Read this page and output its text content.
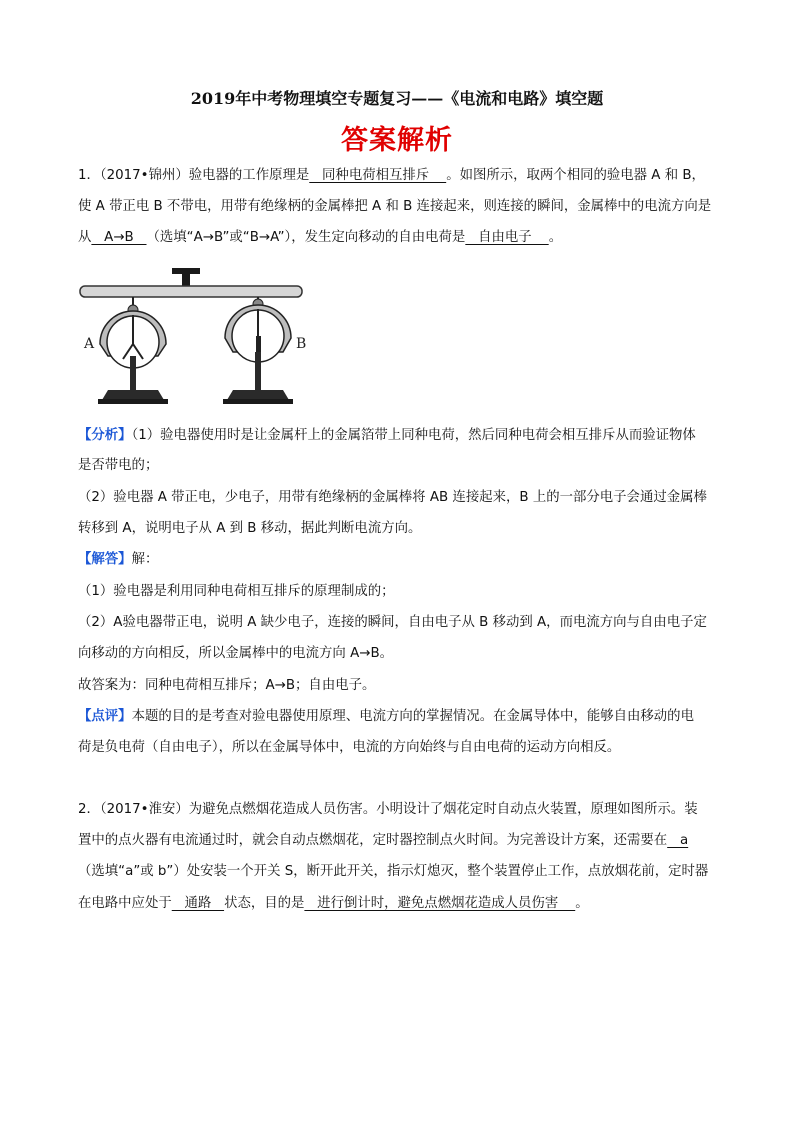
2019年中考物理填空专题复习——《电流和电路》填空题
答案解析
1．（2017•锦州）验电器的工作原理是   同种电荷相互排斥    。如图所示，取两个相同的验电器 A 和 B，
使 A 带正电 B 不带电，用带有绝缘柄的金属棒把 A 和 B 连接起来，则连接的瞬间，金属棒中的电流方向是
从   A→B   （选填“A→B”或“B→A”），发生定向移动的自由电荷是   自由电子    。
A	B
【分析】（1）验电器使用时是让金属杆上的金属箔带上同种电荷，然后同种电荷会相互排斥从而验证物体
是否带电的；
（2）验电器 A 带正电，少电子，用带有绝缘柄的金属棒将 AB 连接起来，B 上的一部分电子会通过金属棒
转移到 A，说明电子从 A 到 B 移动，据此判断电流方向。
【解答】解：
（1）验电器是利用同种电荷相互排斥的原理制成的；
（2）A验电器带正电，说明 A 缺少电子，连接的瞬间，自由电子从 B 移动到 A，而电流方向与自由电子定
向移动的方向相反，所以金属棒中的电流方向 A→B。
故答案为：同种电荷相互排斥；A→B；自由电子。
【点评】本题的目的是考查对验电器使用原理、电流方向的掌握情况。在金属导体中，能够自由移动的电
荷是负电荷（自由电子），所以在金属导体中，电流的方向始终与自由电荷的运动方向相反。
2．（2017•淮安）为避免点燃烟花造成人员伤害。小明设计了烟花定时自动点火装置，原理如图所示。装
置中的点火器有电流通过时，就会自动点燃烟花，定时器控制点火时间。为完善设计方案，还需要在   a
（选填“a”或 b”）处安装一个开关 S，断开此开关，指示灯熄灭，整个装置停止工作，点放烟花前，定时器
在电路中应处于   通路   状态，目的是   进行倒计时，避免点燃烟花造成人员伤害    。
